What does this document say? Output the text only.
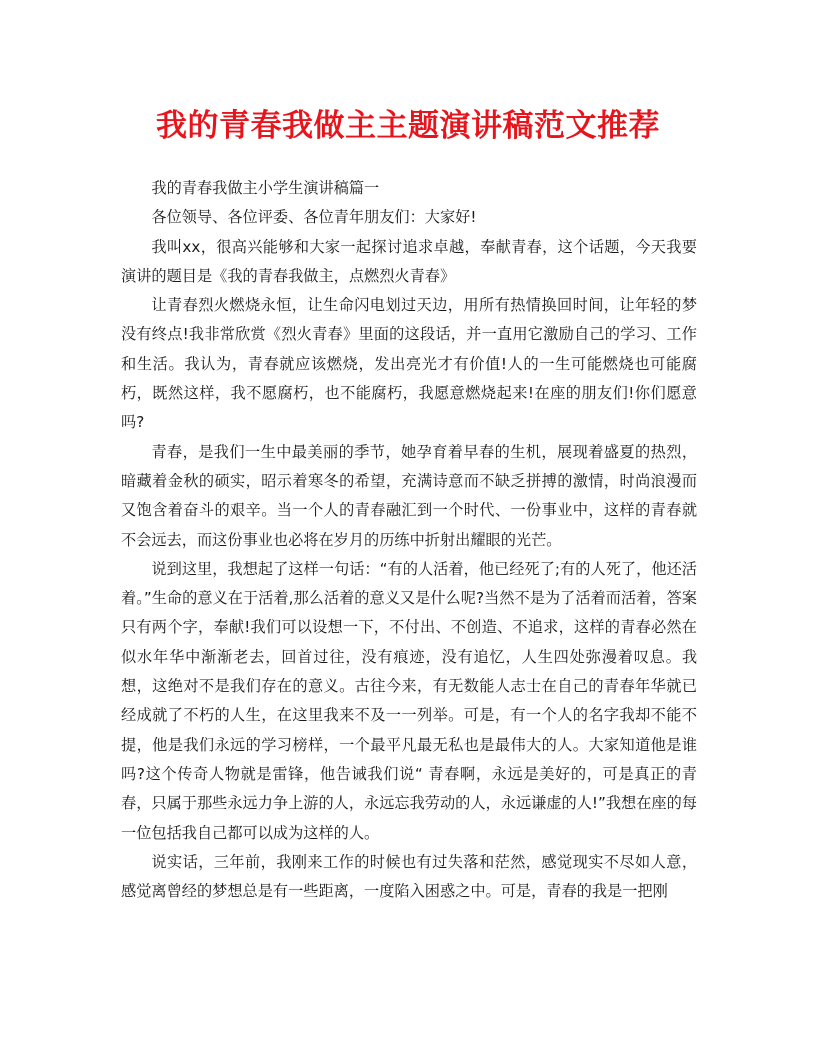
我的青春我做主主题演讲稿范文推荐

我的青春我做主小学生演讲稿篇一

各位领导、各位评委、各位青年朋友们：大家好!

我叫xx，很高兴能够和大家一起探讨追求卓越，奉献青春，这个话题，今天我要演讲的题目是《我的青春我做主，点燃烈火青春》

让青春烈火燃烧永恒，让生命闪电划过天边，用所有热情换回时间，让年轻的梦没有终点!我非常欣赏《烈火青春》里面的这段话，并一直用它激励自己的学习、工作和生活。我认为，青春就应该燃烧，发出亮光才有价值!人的一生可能燃烧也可能腐朽，既然这样，我不愿腐朽，也不能腐朽，我愿意燃烧起来!在座的朋友们!你们愿意吗?

青春，是我们一生中最美丽的季节，她孕育着早春的生机，展现着盛夏的热烈，暗藏着金秋的硕实，昭示着寒冬的希望，充满诗意而不缺乏拼搏的激情，时尚浪漫而又饱含着奋斗的艰辛。当一个人的青春融汇到一个时代、一份事业中，这样的青春就不会远去，而这份事业也必将在岁月的历练中折射出耀眼的光芒。

说到这里，我想起了这样一句话：“有的人活着，他已经死了;有的人死了，他还活着。”生命的意义在于活着,那么活着的意义又是什么呢?当然不是为了活着而活着，答案只有两个字，奉献!我们可以设想一下，不付出、不创造、不追求，这样的青春必然在似水年华中渐渐老去，回首过往，没有痕迹，没有追忆，人生四处弥漫着叹息。我想，这绝对不是我们存在的意义。古往今来，有无数能人志士在自己的青春年华就已经成就了不朽的人生，在这里我来不及一一列举。可是，有一个人的名字我却不能不提，他是我们永远的学习榜样，一个最平凡最无私也是最伟大的人。大家知道他是谁吗?这个传奇人物就是雷锋，他告诫我们说“ 青春啊，永远是美好的，可是真正的青春，只属于那些永远力争上游的人，永远忘我劳动的人，永远谦虚的人!”我想在座的每一位包括我自己都可以成为这样的人。

说实话，三年前，我刚来工作的时候也有过失落和茫然，感觉现实不尽如人意，感觉离曾经的梦想总是有一些距离，一度陷入困惑之中。可是，青春的我是一把刚
